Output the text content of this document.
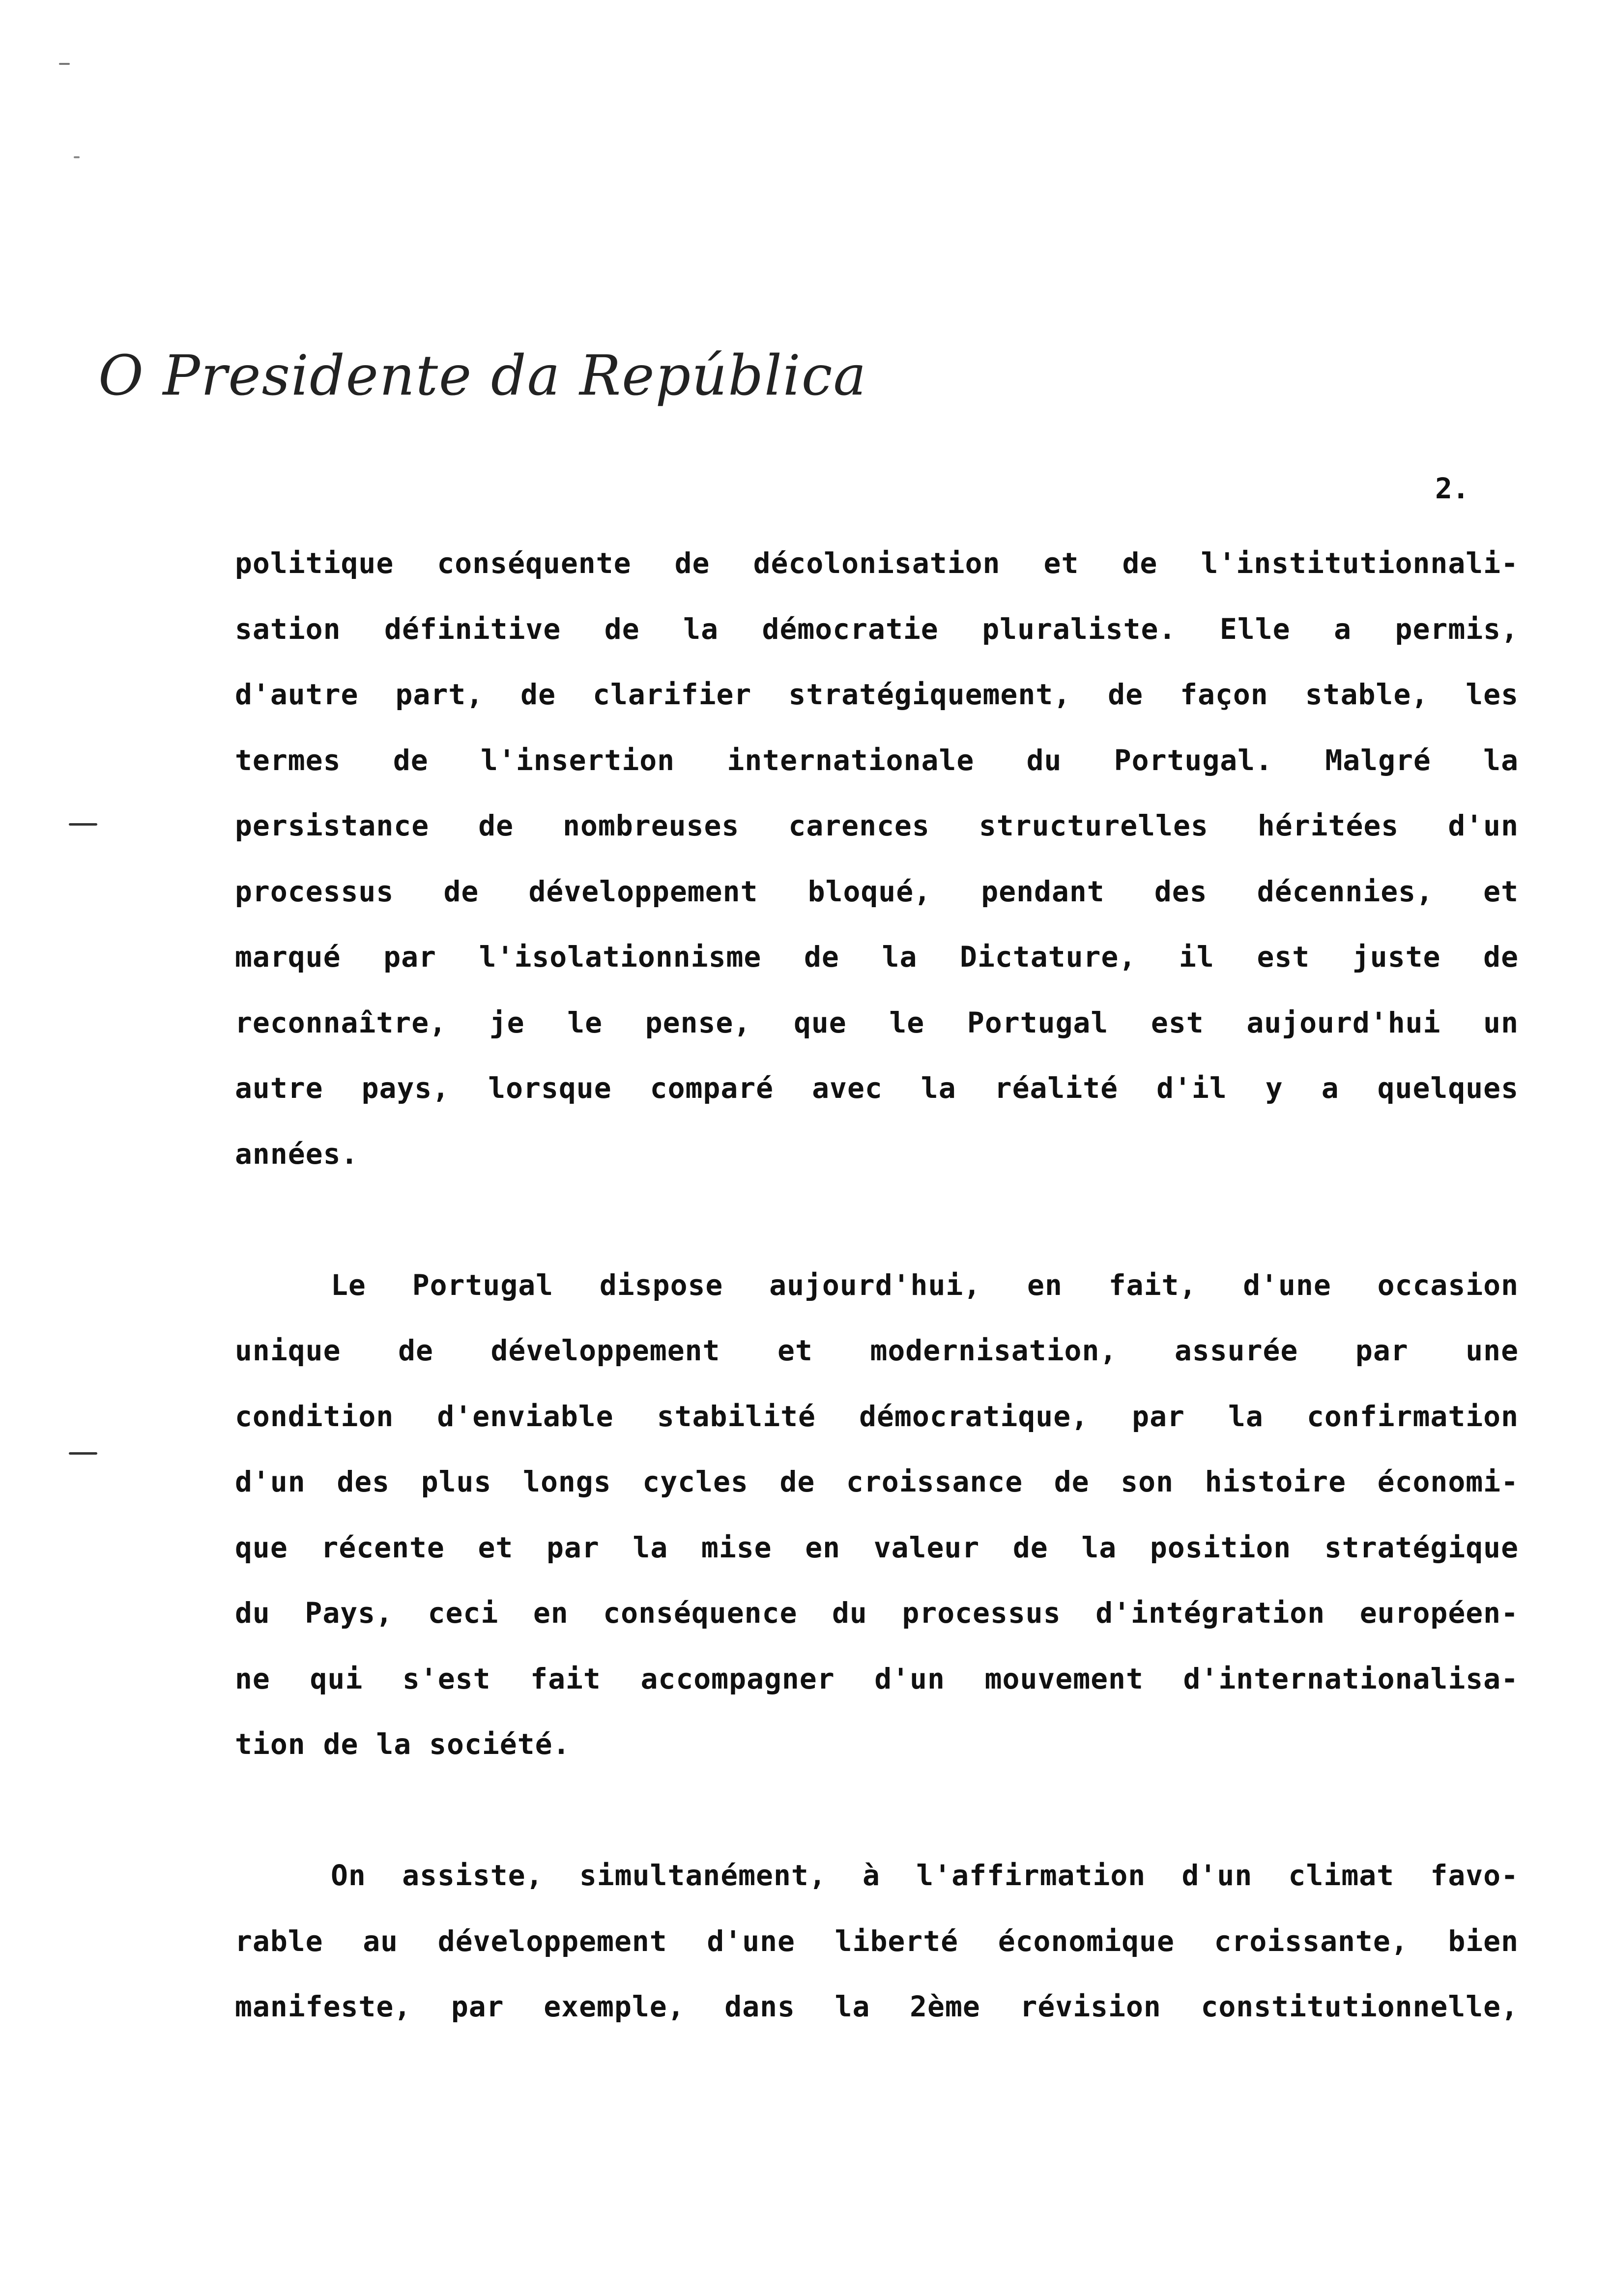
O Presidente da República
2.
politique conséquente de décolonisation et de l'institutionnali-
sation définitive de la démocratie pluraliste. Elle a permis,
d'autre part, de clarifier stratégiquement, de façon stable, les
termes de l'insertion internationale du Portugal. Malgré la
persistance de nombreuses carences structurelles héritées d'un
processus de développement bloqué, pendant des décennies, et
marqué par l'isolationnisme de la Dictature, il est juste de
reconnaître, je le pense, que le Portugal est aujourd'hui un
autre pays, lorsque comparé avec la réalité d'il y a quelques
années.
Le Portugal dispose aujourd'hui, en fait, d'une occasion
unique de développement et modernisation, assurée par une
condition d'enviable stabilité démocratique, par la confirmation
d'un des plus longs cycles de croissance de son histoire économi-
que récente et par la mise en valeur de la position stratégique
du Pays, ceci en conséquence du processus d'intégration européen-
ne qui s'est fait accompagner d'un mouvement d'internationalisa-
tion de la société.
On assiste, simultanément, à l'affirmation d'un climat favo-
rable au développement d'une liberté économique croissante, bien
manifeste, par exemple, dans la 2ème révision constitutionnelle,
